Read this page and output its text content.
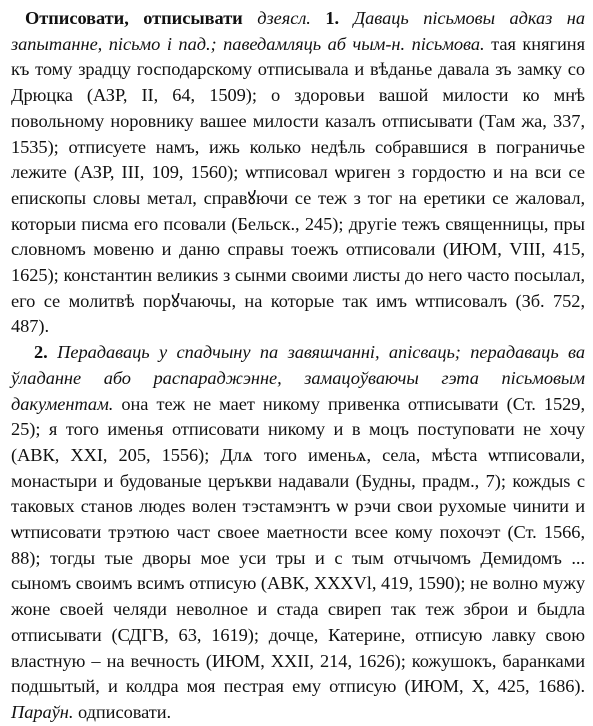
Отписовати, отписывати дзеясл. 1. Даваць пісьмовы адказ на запытанне, пісьмо і пад.; паведамляць аб чым-н. пісьмова. тая княгиня къ тому зрадцу господарскому отписывала и вѣданье давала зъ замку со Дрюцка (АЗР, II, 64, 1509); о здоровьи вашой милости ко мнѣ повольному норовнику вашее милости казалъ отписывати (Там жа, 337, 1535); отписуете намъ, ижь колько недѣль собравшися в пограничье лежите (АЗР, III, 109, 1560); ѡтписовал ѡриген з гордостю и на вси се епископы словы метал, справꙋючи се теж з тог на еретики се жаловал, которыи писма его псовали (Бельск., 245); другіе тежъ священницы, пры словномъ мовеню и даню справы тоежъ отписовали (ИЮМ, VIII, 415, 1625); константин великиѕ з сынми своими листы до него часто посылал, его се молитвѣ порꙋчаючы, на которые так имъ ѡтписовалъ (Зб. 752, 487).

2. Перадаваць у спадчыну па завяшчанні, апісваць; перадаваць ва ўладанне або распараджэнне, замацоўваючы гэта пісьмовым дакументам. она теж не мает никому привенка отписывати (Ст. 1529, 25); я того именья отписовати никому и в моцъ поступовати не хочу (АВК, XXI, 205, 1556); Длѧ того именьѧ, села, мѣста ѡтписовали, монастыри и будованые церъкви надавали (Будны, прадм., 7); кождыѕ с таковых станов людеѕ волен тэстамэнтъ ѡ рэчи свои рухомые чинити и ѡтписовати трэтюю част своее маетности всее кому похочэт (Ст. 1566, 88); тогды тые дворы мое уси тры и с тым отчычомъ Демидомъ ... сыномъ своимъ всимъ отписую (АВК, XXXVl, 419, 1590); не волно мужу жоне своей челяди неволное и стада свиреп так теж зброи и быдла отписывати (СДГВ, 63, 1619); дочце, Катерине, отписую лавку свою властную – на вечность (ИЮМ, XXII, 214, 1626); кожушокъ, баранками подшытый, и колдра моя пестрая ему отписую (ИЮМ, X, 425, 1686). Параўн. одписовати.
